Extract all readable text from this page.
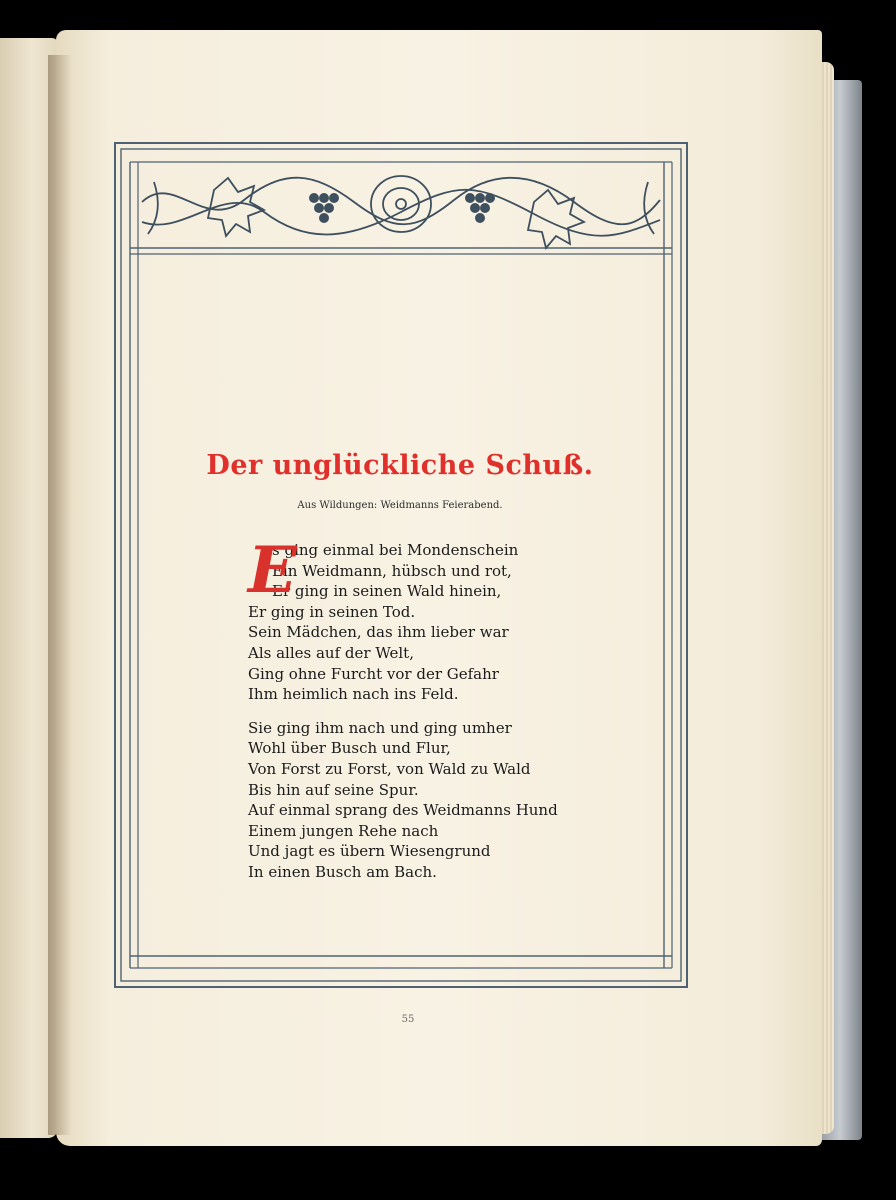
Der unglückliche Schuß.

Aus Wildungen: Weidmanns Feierabend.

E
s ging einmal bei Mondenschein
Ein Weidmann, hübsch und rot,
Er ging in seinen Wald hinein,
Er ging in seinen Tod.
Sein Mädchen, das ihm lieber war
Als alles auf der Welt,
Ging ohne Furcht vor der Gefahr
Ihm heimlich nach ins Feld.
Sie ging ihm nach und ging umher
Wohl über Busch und Flur,
Von Forst zu Forst, von Wald zu Wald
Bis hin auf seine Spur.
Auf einmal sprang des Weidmanns Hund
Einem jungen Rehe nach
Und jagt es übern Wiesengrund
In einen Busch am Bach.

55
